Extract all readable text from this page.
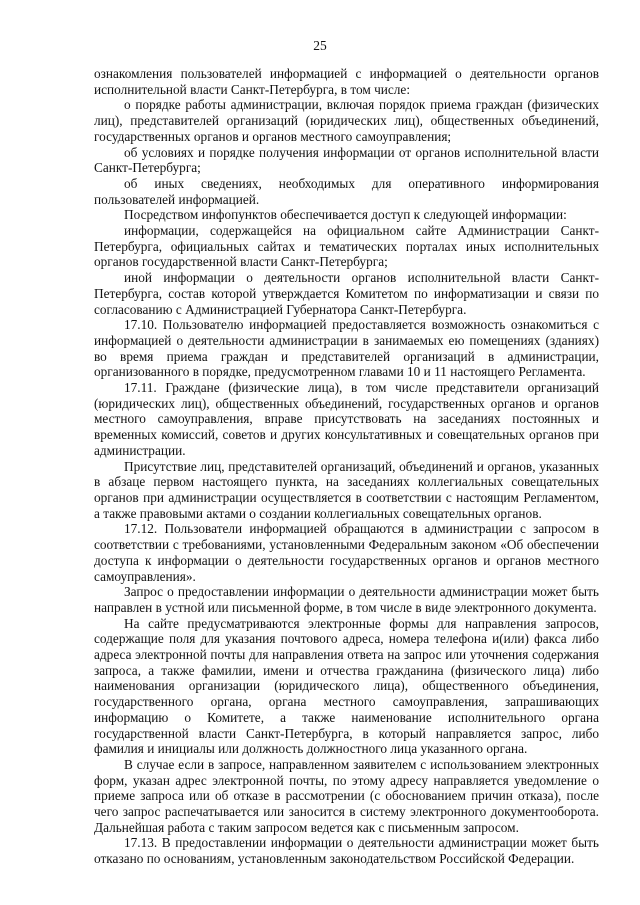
25

ознакомления пользователей информацией с информацией о деятельности органов исполнительной власти Санкт-Петербурга, в том числе:

о порядке работы администрации, включая порядок приема граждан (физических лиц), представителей организаций (юридических лиц), общественных объединений, государственных органов и органов местного самоуправления;

об условиях и порядке получения информации от органов исполнительной власти Санкт-Петербурга;

об иных сведениях, необходимых для оперативного информирования пользователей информацией.

Посредством инфопунктов обеспечивается доступ к следующей информации:

информации, содержащейся на официальном сайте Администрации Санкт-Петербурга, официальных сайтах и тематических порталах иных исполнительных органов государственной власти Санкт-Петербурга;

иной информации о деятельности органов исполнительной власти Санкт-Петербурга, состав которой утверждается Комитетом по информатизации и связи по согласованию с Администрацией Губернатора Санкт-Петербурга.

17.10. Пользователю информацией предоставляется возможность ознакомиться с информацией о деятельности администрации в занимаемых ею помещениях (зданиях) во время приема граждан и представителей организаций в администрации, организованного в порядке, предусмотренном главами 10 и 11 настоящего Регламента.

17.11. Граждане (физические лица), в том числе представители организаций (юридических лиц), общественных объединений, государственных органов и органов местного самоуправления, вправе присутствовать на заседаниях постоянных и временных комиссий, советов и других консультативных и совещательных органов при администрации.

Присутствие лиц, представителей организаций, объединений и органов, указанных в абзаце первом настоящего пункта, на заседаниях коллегиальных совещательных органов при администрации осуществляется в соответствии с настоящим Регламентом, а также правовыми актами о создании коллегиальных совещательных органов.

17.12. Пользователи информацией обращаются в администрации с запросом в соответствии с требованиями, установленными Федеральным законом «Об обеспечении доступа к информации о деятельности государственных органов и органов местного самоуправления».

Запрос о предоставлении информации о деятельности администрации может быть направлен в устной или письменной форме, в том числе в виде электронного документа.

На сайте предусматриваются электронные формы для направления запросов, содержащие поля для указания почтового адреса, номера телефона и(или) факса либо адреса электронной почты для направления ответа на запрос или уточнения содержания запроса, а также фамилии, имени и отчества гражданина (физического лица) либо наименования организации (юридического лица), общественного объединения, государственного органа, органа местного самоуправления, запрашивающих информацию о Комитете, а также наименование исполнительного органа государственной власти Санкт-Петербурга, в который направляется запрос, либо фамилия и инициалы или должность должностного лица указанного органа.

В случае если в запросе, направленном заявителем с использованием электронных форм, указан адрес электронной почты, по этому адресу направляется уведомление о приеме запроса или об отказе в рассмотрении (с обоснованием причин отказа), после чего запрос распечатывается или заносится в систему электронного документооборота. Дальнейшая работа с таким запросом ведется как с письменным запросом.

17.13. В предоставлении информации о деятельности администрации может быть отказано по основаниям, установленным законодательством Российской Федерации.
